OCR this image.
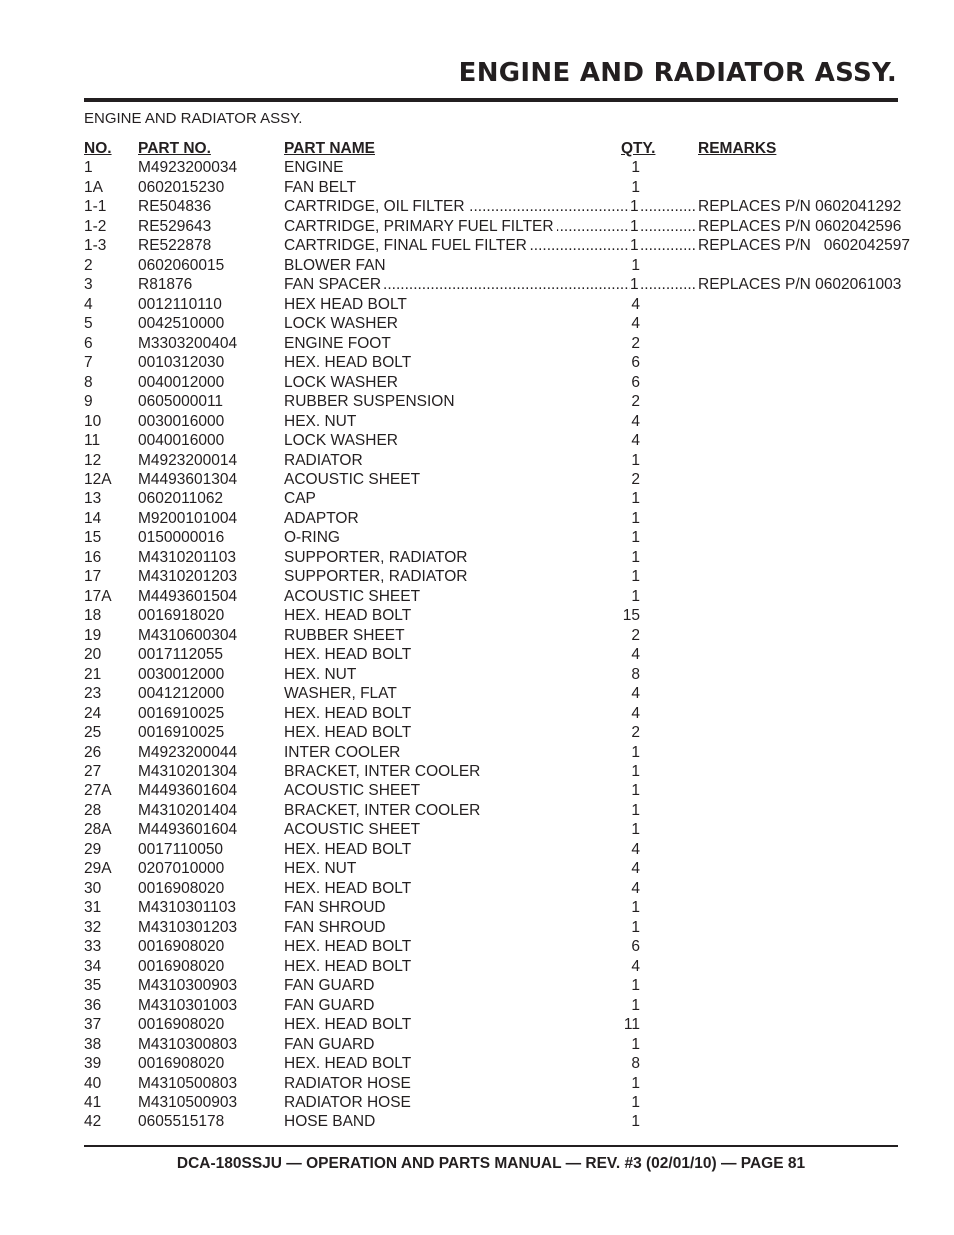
ENGINE AND RADIATOR ASSY.
ENGINE AND RADIATOR ASSY.
NO. PART NO.	PART NAME	QTY.	REMARKS
1	M4923200034	ENGINE	1
1A 0602015230	FAN BELT	1
.....
.....
1-1 RE504836	CARTRIDGE, OIL FILTER	1	REPLACES P/N 0602041292
.....
.....
1-2 RE529643	CARTRIDGE, PRIMARY FUEL FILTER	1	REPLACES P/N 0602042596
.....
.....
1-3 RE522878	CARTRIDGE, FINAL FUEL FILTER	1	REPLACES P/N   0602042597
2	0602060015	BLOWER FAN	1
.....
.....
3	R81876	FAN SPACER	1	REPLACES P/N 0602061003
4	0012110110	HEX HEAD BOLT	4
5	0042510000	LOCK WASHER	4
6	M3303200404	ENGINE FOOT	2
7	0010312030	HEX. HEAD BOLT	6
8	0040012000	LOCK WASHER	6
9	0605000011	RUBBER SUSPENSION	2
10 0030016000	HEX. NUT	4
11 0040016000	LOCK WASHER	4
12 M4923200014	RADIATOR	1
12A M4493601304	ACOUSTIC SHEET	2
13 0602011062	CAP	1
14 M9200101004	ADAPTOR	1
15 0150000016	O-RING	1
16 M4310201103	SUPPORTER, RADIATOR	1
17 M4310201203	SUPPORTER, RADIATOR	1
17A M4493601504	ACOUSTIC SHEET	1
18 0016918020	HEX. HEAD BOLT	15
19 M4310600304	RUBBER SHEET	2
20 0017112055	HEX. HEAD BOLT	4
21 0030012000	HEX. NUT	8
23 0041212000	WASHER, FLAT	4
24 0016910025	HEX. HEAD BOLT	4
25 0016910025	HEX. HEAD BOLT	2
26 M4923200044	INTER COOLER	1
27 M4310201304	BRACKET, INTER COOLER	1
27A M4493601604	ACOUSTIC SHEET	1
28 M4310201404	BRACKET, INTER COOLER	1
28A M4493601604	ACOUSTIC SHEET	1
29 0017110050	HEX. HEAD BOLT	4
29A 0207010000	HEX. NUT	4
30 0016908020	HEX. HEAD BOLT	4
31 M4310301103	FAN SHROUD	1
32 M4310301203	FAN SHROUD	1
33 0016908020	HEX. HEAD BOLT	6
34 0016908020	HEX. HEAD BOLT	4
35 M4310300903	FAN GUARD	1
36 M4310301003	FAN GUARD	1
37 0016908020	HEX. HEAD BOLT	11
38 M4310300803	FAN GUARD	1
39 0016908020	HEX. HEAD BOLT	8
40 M4310500803	RADIATOR HOSE	1
41 M4310500903	RADIATOR HOSE	1
42 0605515178	HOSE BAND	1
DCA-180SSJU — OPERATION AND PARTS MANUAL — REV. #3 (02/01/10) — PAGE 81
